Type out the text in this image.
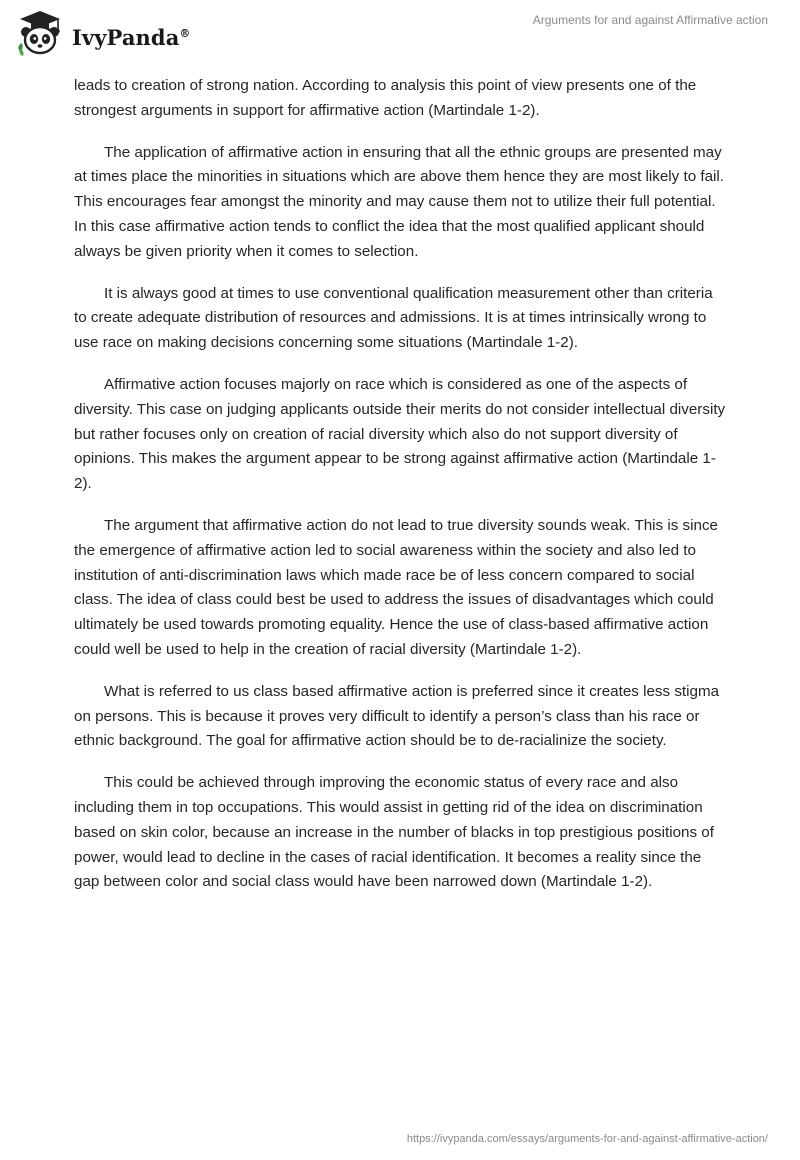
IvyPanda®
Arguments for and against Affirmative action

leads to creation of strong nation. According to analysis this point of view presents one of the strongest arguments in support for affirmative action (Martindale 1-2).

The application of affirmative action in ensuring that all the ethnic groups are presented may at times place the minorities in situations which are above them hence they are most likely to fail. This encourages fear amongst the minority and may cause them not to utilize their full potential. In this case affirmative action tends to conflict the idea that the most qualified applicant should always be given priority when it comes to selection.

It is always good at times to use conventional qualification measurement other than criteria to create adequate distribution of resources and admissions. It is at times intrinsically wrong to use race on making decisions concerning some situations (Martindale 1-2).

Affirmative action focuses majorly on race which is considered as one of the aspects of diversity. This case on judging applicants outside their merits do not consider intellectual diversity but rather focuses only on creation of racial diversity which also do not support diversity of opinions. This makes the argument appear to be strong against affirmative action (Martindale 1-2).

The argument that affirmative action do not lead to true diversity sounds weak. This is since the emergence of affirmative action led to social awareness within the society and also led to institution of anti-discrimination laws which made race be of less concern compared to social class. The idea of class could best be used to address the issues of disadvantages which could ultimately be used towards promoting equality. Hence the use of class-based affirmative action could well be used to help in the creation of racial diversity (Martindale 1-2).

What is referred to us class based affirmative action is preferred since it creates less stigma on persons. This is because it proves very difficult to identify a person’s class than his race or ethnic background. The goal for affirmative action should be to de-racialinize the society.

This could be achieved through improving the economic status of every race and also including them in top occupations. This would assist in getting rid of the idea on discrimination based on skin color, because an increase in the number of blacks in top prestigious positions of power, would lead to decline in the cases of racial identification. It becomes a reality since the gap between color and social class would have been narrowed down (Martindale 1-2).

https://ivypanda.com/essays/arguments-for-and-against-affirmative-action/
